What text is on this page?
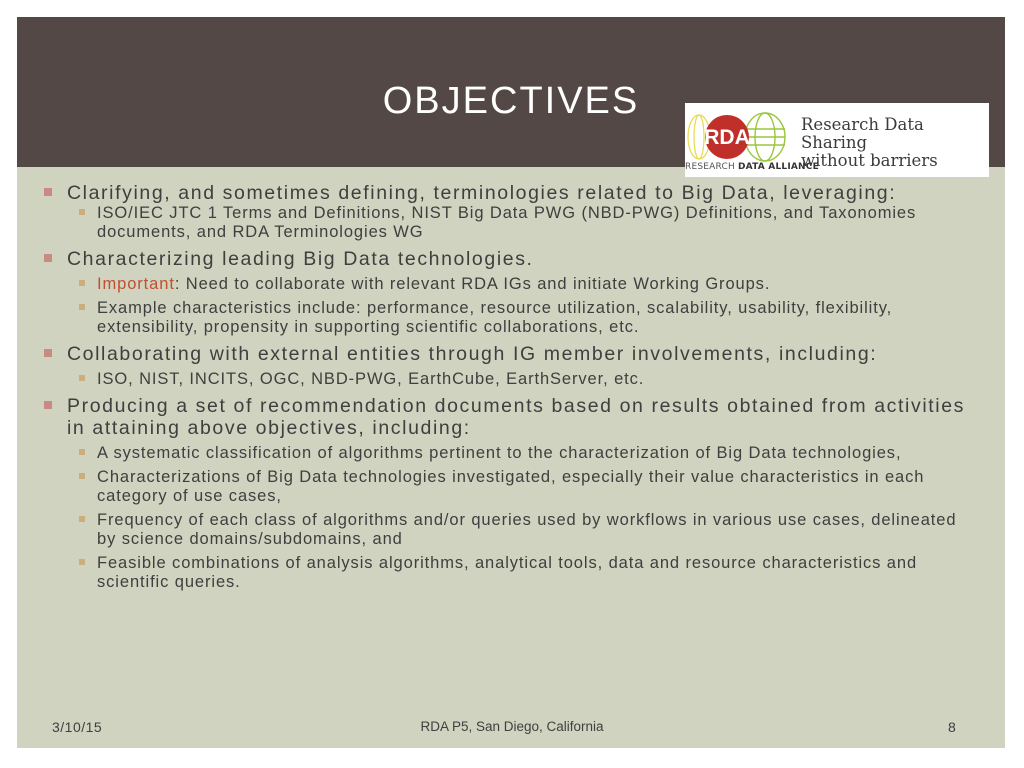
OBJECTIVES
RDA
Research Data Sharing
without barriers
RESEARCH DATA ALLIANCE
Clarifying, and sometimes defining, terminologies related to Big Data, leveraging:
ISO/IEC JTC 1 Terms and Definitions, NIST Big Data PWG (NBD-PWG) Definitions, and Taxonomies documents, and RDA Terminologies WG
Characterizing leading Big Data technologies.
Important: Need to collaborate with relevant RDA IGs and initiate Working Groups.
Example characteristics include: performance, resource utilization, scalability, usability, flexibility, extensibility, propensity in supporting scientific collaborations, etc.
Collaborating with external entities through IG member involvements, including:
ISO, NIST, INCITS, OGC, NBD-PWG, EarthCube, EarthServer, etc.
Producing a set of recommendation documents based on results obtained from activities in attaining above objectives, including:
A systematic classification of algorithms pertinent to the characterization of Big Data technologies,
Characterizations of Big Data technologies investigated, especially their value characteristics in each category of use cases,
Frequency of each class of algorithms and/or queries used by workflows in various use cases, delineated by science domains/subdomains, and
Feasible combinations of analysis algorithms, analytical tools, data and resource characteristics and scientific queries.
3/10/15	RDA P5, San Diego, California	8
